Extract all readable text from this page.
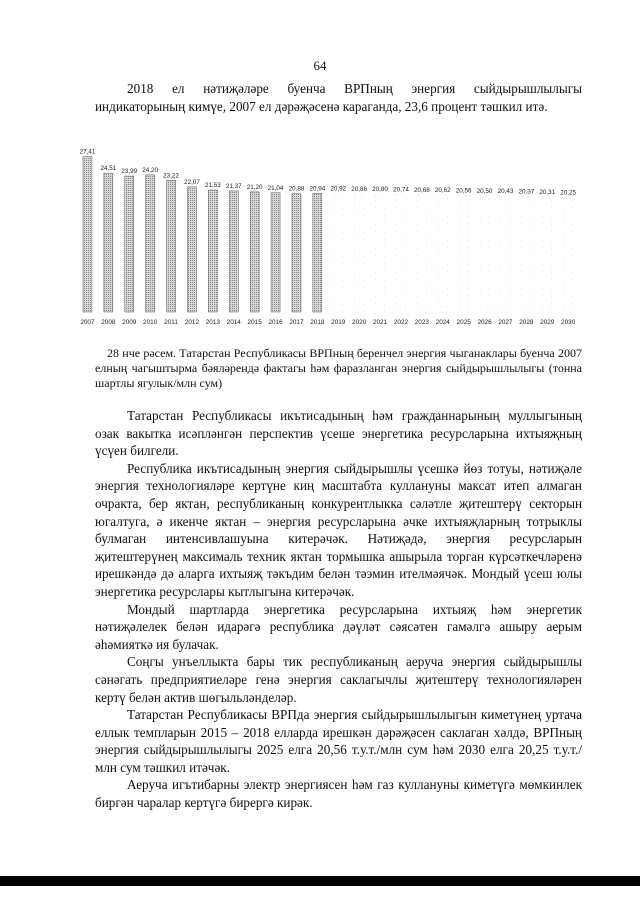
64

2018 ел нәтиҗәләре буенча ВРПның энергия сыйдырышлылыгы индикаторының кимүе, 2007 ел дәрәҗәсенә караганда, 23,6 процент тәшкил итә.

27,41
24,51 23,99 24,20
23,22
22,07 21,53 21,37 21,20 21,04 20,88 20,94 20,92 20,86 20,80 20,74 20,68 20,62 20,56 20,50 20,43 20,37 20,31 20,25
2007 2008 2009 2010 2011 2012 2013 2014 2015 2016 2017 2018 2019 2020 2021 2022 2023 2024 2025 2026 2027 2028 2029 2030

28 нче рәсем. Татарстан Республикасы ВРПның беренчел энергия чыганаклары буенча 2007 елның чагыштырма бәяләрендә фактагы һәм фаразланган энергия сыйдырышлылыгы (тонна шартлы ягулык/млн сум)

Татарстан Республикасы икътисадының һәм гражданнарының муллыгының озак вакытка исәпләнгән перспектив үсеше энергетика ресурсларына ихтыяҗның үсүен билгели.

Республика икътисадының энергия сыйдырышлы үсешкә йөз тотуы, нәтиҗәле энергия технологияләре кертүне киң масштабта куллануны максат итеп алмаган очракта, бер яктан, республиканың конкурентлыкка сәләтле җитештерү секторын югалтуга, ә икенче яктан – энергия ресурсларына әчке ихтыяҗларның тотрыклы булмаган интенсивлашуына китерәчәк. Нәтиҗәдә, энергия ресурсларын җитештерүнең максималь техник яктан тормышка ашырыла торган күрсәткечләренә ирешкәндә дә аларга ихтыяҗ тәкъдим белән тәэмин ителмәячәк. Мондый үсеш юлы энергетика ресурслары кытлыгына китерәчәк.

Мондый шартларда энергетика ресурсларына ихтыяҗ һәм энергетик нәтиҗәлелек белән идарәгә республика дәүләт сәясәтен гамәлгә ашыру аерым әһәмияткә ия булачак.

Соңгы унъеллыкта бары тик республиканың аеруча энергия сыйдырышлы сәнәгать предприятиеләре генә энергия саклагычлы җитештерү технологияләрен кертү белән актив шөгыльләнделәр.

Татарстан Республикасы ВРПда энергия сыйдырышлылыгын киметүнең уртача еллык темпларын 2015 – 2018 елларда ирешкән дәрәҗәсен саклаган хәлдә, ВРПның энергия сыйдырышлылыгы 2025 елга 20,56 т.у.т./млн сум һәм 2030 елга 20,25 т.у.т./млн сум тәшкил итәчәк.

Аеруча игътибарны электр энергиясен һәм газ куллануны киметүгә мөмкинлек биргән чаралар кертүгә бирергә кирәк.
